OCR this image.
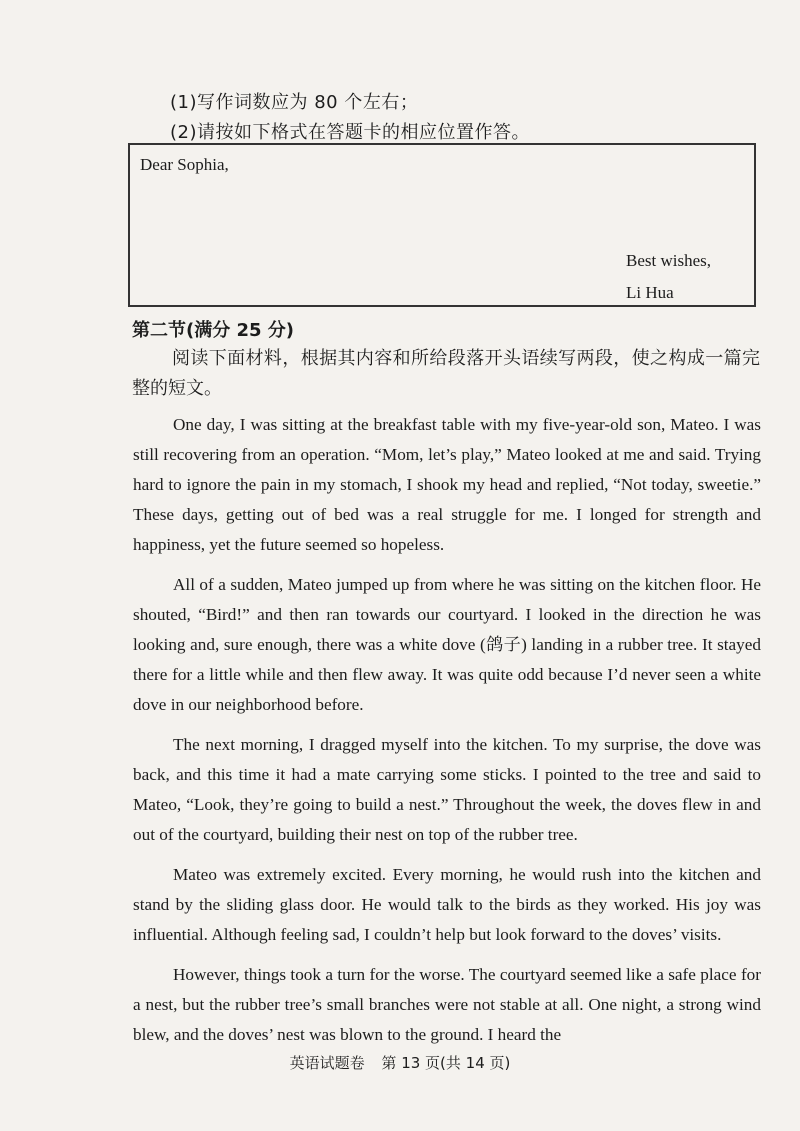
(1)写作词数应为 80 个左右；
(2)请按如下格式在答题卡的相应位置作答。
Dear Sophia,
Best wishes,
Li Hua
第二节(满分 25 分)
阅读下面材料，根据其内容和所给段落开头语续写两段，使之构成一篇完整的短文。

One day, I was sitting at the breakfast table with my five-year-old son, Mateo. I was still recovering from an operation. “Mom, let’s play,” Mateo looked at me and said. Trying hard to ignore the pain in my stomach, I shook my head and replied, “Not today, sweetie.” These days, getting out of bed was a real struggle for me. I longed for strength and happiness, yet the future seemed so hopeless.

All of a sudden, Mateo jumped up from where he was sitting on the kitchen floor. He shouted, “Bird!” and then ran towards our courtyard. I looked in the direction he was looking and, sure enough, there was a white dove (鸽子) landing in a rubber tree. It stayed there for a little while and then flew away. It was quite odd because I’d never seen a white dove in our neighborhood before.

The next morning, I dragged myself into the kitchen. To my surprise, the dove was back, and this time it had a mate carrying some sticks. I pointed to the tree and said to Mateo, “Look, they’re going to build a nest.” Throughout the week, the doves flew in and out of the courtyard, building their nest on top of the rubber tree.

Mateo was extremely excited. Every morning, he would rush into the kitchen and stand by the sliding glass door. He would talk to the birds as they worked. His joy was influential. Although feeling sad, I couldn’t help but look forward to the doves’ visits.

However, things took a turn for the worse. The courtyard seemed like a safe place for a nest, but the rubber tree’s small branches were not stable at all. One night, a strong wind blew, and the doves’ nest was blown to the ground. I heard the

英语试题卷 第 13 页(共 14 页)
